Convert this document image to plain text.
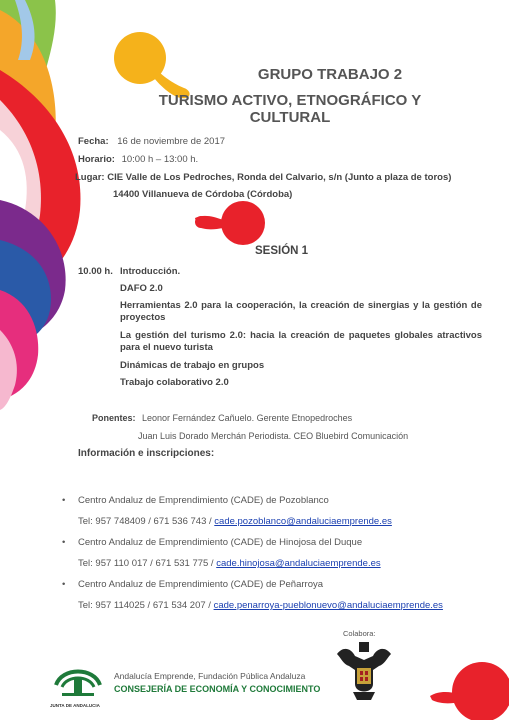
GRUPO TRABAJO 2
TURISMO ACTIVO, ETNOGRÁFICO Y CULTURAL
Fecha: 16 de noviembre de 2017
Horario: 10:00 h – 13:00 h.
Lugar: CIE Valle de Los Pedroches, Ronda del Calvario, s/n (Junto a plaza de toros)
14400 Villanueva de Córdoba (Córdoba)
SESIÓN 1
10.00 h. Introducción.
DAFO 2.0
Herramientas 2.0 para la cooperación, la creación de sinergias y la gestión de proyectos
La gestión del turismo 2.0: hacia la creación de paquetes globales atractivos para el nuevo turista
Dinámicas de trabajo en grupos
Trabajo colaborativo 2.0
Ponentes: Leonor Fernández Cañuelo. Gerente Etnopedroches
Juan Luis Dorado Merchán Periodista. CEO Bluebird Comunicación
Información e inscripciones:
• Centro Andaluz de Emprendimiento (CADE) de Pozoblanco
Tel: 957 748409 / 671 536 743 / cade.pozoblanco@andaluciaemprende.es
• Centro Andaluz de Emprendimiento (CADE) de Hinojosa del Duque
Tel: 957 110 017 / 671 531 775 / cade.hinojosa@andaluciaemprende.es
• Centro Andaluz de Emprendimiento (CADE) de Peñarroya
Tel: 957 114025 / 671 534 207 / cade.penarroya-pueblonuevo@andaluciaemprende.es
Colabora:
JUNTA DE ANDALUCIA
Andalucía Emprende, Fundación Pública Andaluza
CONSEJERÍA DE ECONOMÍA Y CONOCIMIENTO
